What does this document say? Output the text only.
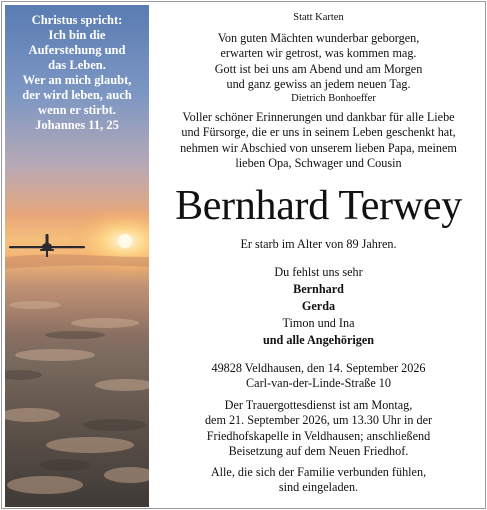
Christus spricht:
Ich bin die
Auferstehung und
das Leben.
Wer an mich glaubt,
der wird leben, auch
wenn er stirbt.
Johannes 11, 25
Statt Karten
Von guten Mächten wunderbar geborgen,
erwarten wir getrost, was kommen mag.
Gott ist bei uns am Abend und am Morgen
und ganz gewiss an jedem neuen Tag.
Dietrich Bonhoeffer
Voller schöner Erinnerungen und dankbar für alle Liebe
und Fürsorge, die er uns in seinem Leben geschenkt hat,
nehmen wir Abschied von unserem lieben Papa, meinem
lieben Opa, Schwager und Cousin
Bernhard Terwey
Er starb im Alter von 89 Jahren.
Du fehlst uns sehr
Bernhard
Gerda
Timon und Ina
und alle Angehörigen
49828 Veldhausen, den 14. September 2026
Carl-van-der-Linde-Straße 10
Der Trauergottesdienst ist am Montag,
dem 21. September 2026, um 13.30 Uhr in der
Friedhofskapelle in Veldhausen; anschließend
Beisetzung auf dem Neuen Friedhof.
Alle, die sich der Familie verbunden fühlen,
sind eingeladen.
